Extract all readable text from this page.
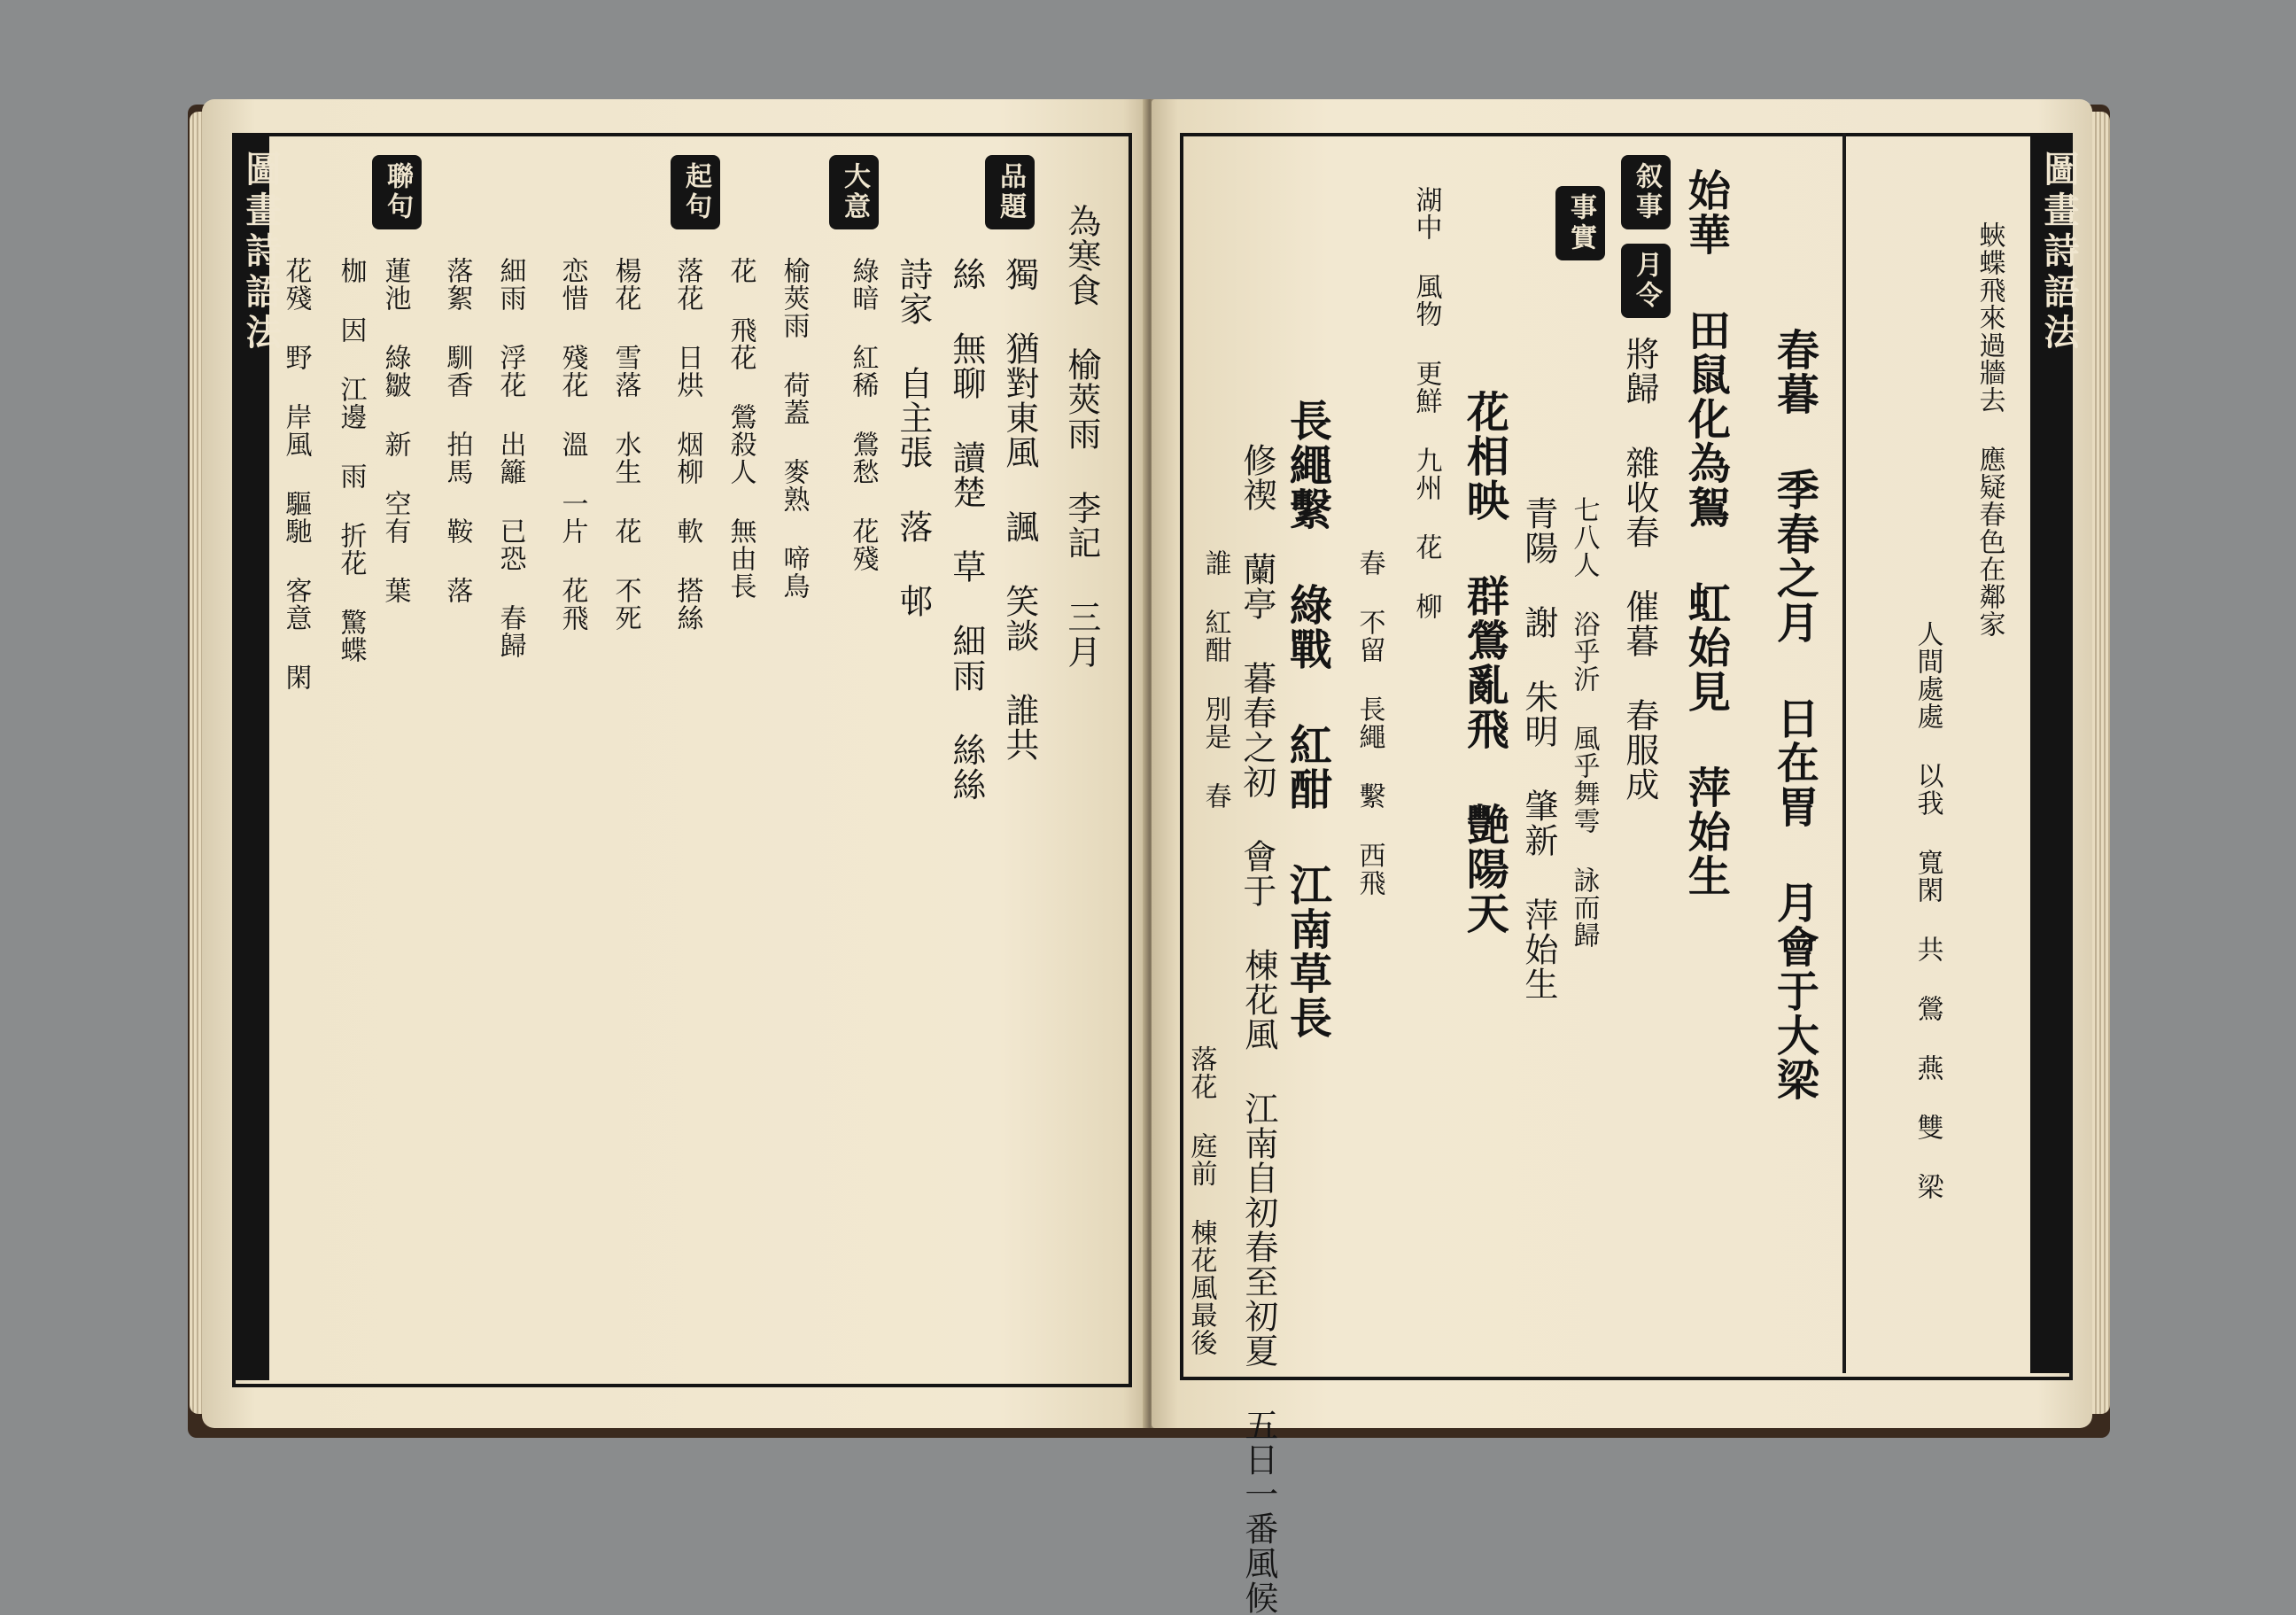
圖畫詩語法	聯句	起句	大意	品題
為寒食 榆莢雨 李記 三月
獨 猶對東風 諷 笑談 誰共
絲 無聊 讀楚 草 細雨 絲絲
詩家 自主張 落 邨
綠暗 紅稀 鶯愁 花殘
榆莢雨 荷蓋 麥熟 啼鳥
花 飛花 鶯殺人 無由長
落花 日烘 烟柳 軟 搭絲
楊花 雪落 水生 花 不死
恋惜 殘花 溫 一片 花飛
細雨 浮花 出籬 已恐 春歸
落絮 馴香 拍馬 鞍 落
蓮池 綠皺 新 空有 葉
枷 因 江邊 雨 折花 驚蝶
花殘 野 岸風 驅馳 客意 閑
圖畫詩語法
叙事
月令
事實	蛺蝶飛來過牆去 應疑春色在鄰家
人間處處 以我 寬閑 共 鶯 燕 雙 梁
春暮 季春之月 日在胃 月會于大梁
始華 田鼠化為鴽 虹始見 萍始生
將歸 雜收春 催暮 春服成
七八人 浴乎沂 風乎舞雩 詠而歸
青陽 謝 朱明 肇新 萍始生
花相映 群鶯亂飛 艷陽天
湖中 風物 更鮮 九州 花 柳
春 不留 長繩 繫 西飛
長繩繫 綠戰 紅酣 江南草長
修禊 蘭亭 暮春之初 會于
誰 紅酣 別是 春
棟花風 江南自初春至初夏 五日一番風候
落花 庭前 棟花風最後
